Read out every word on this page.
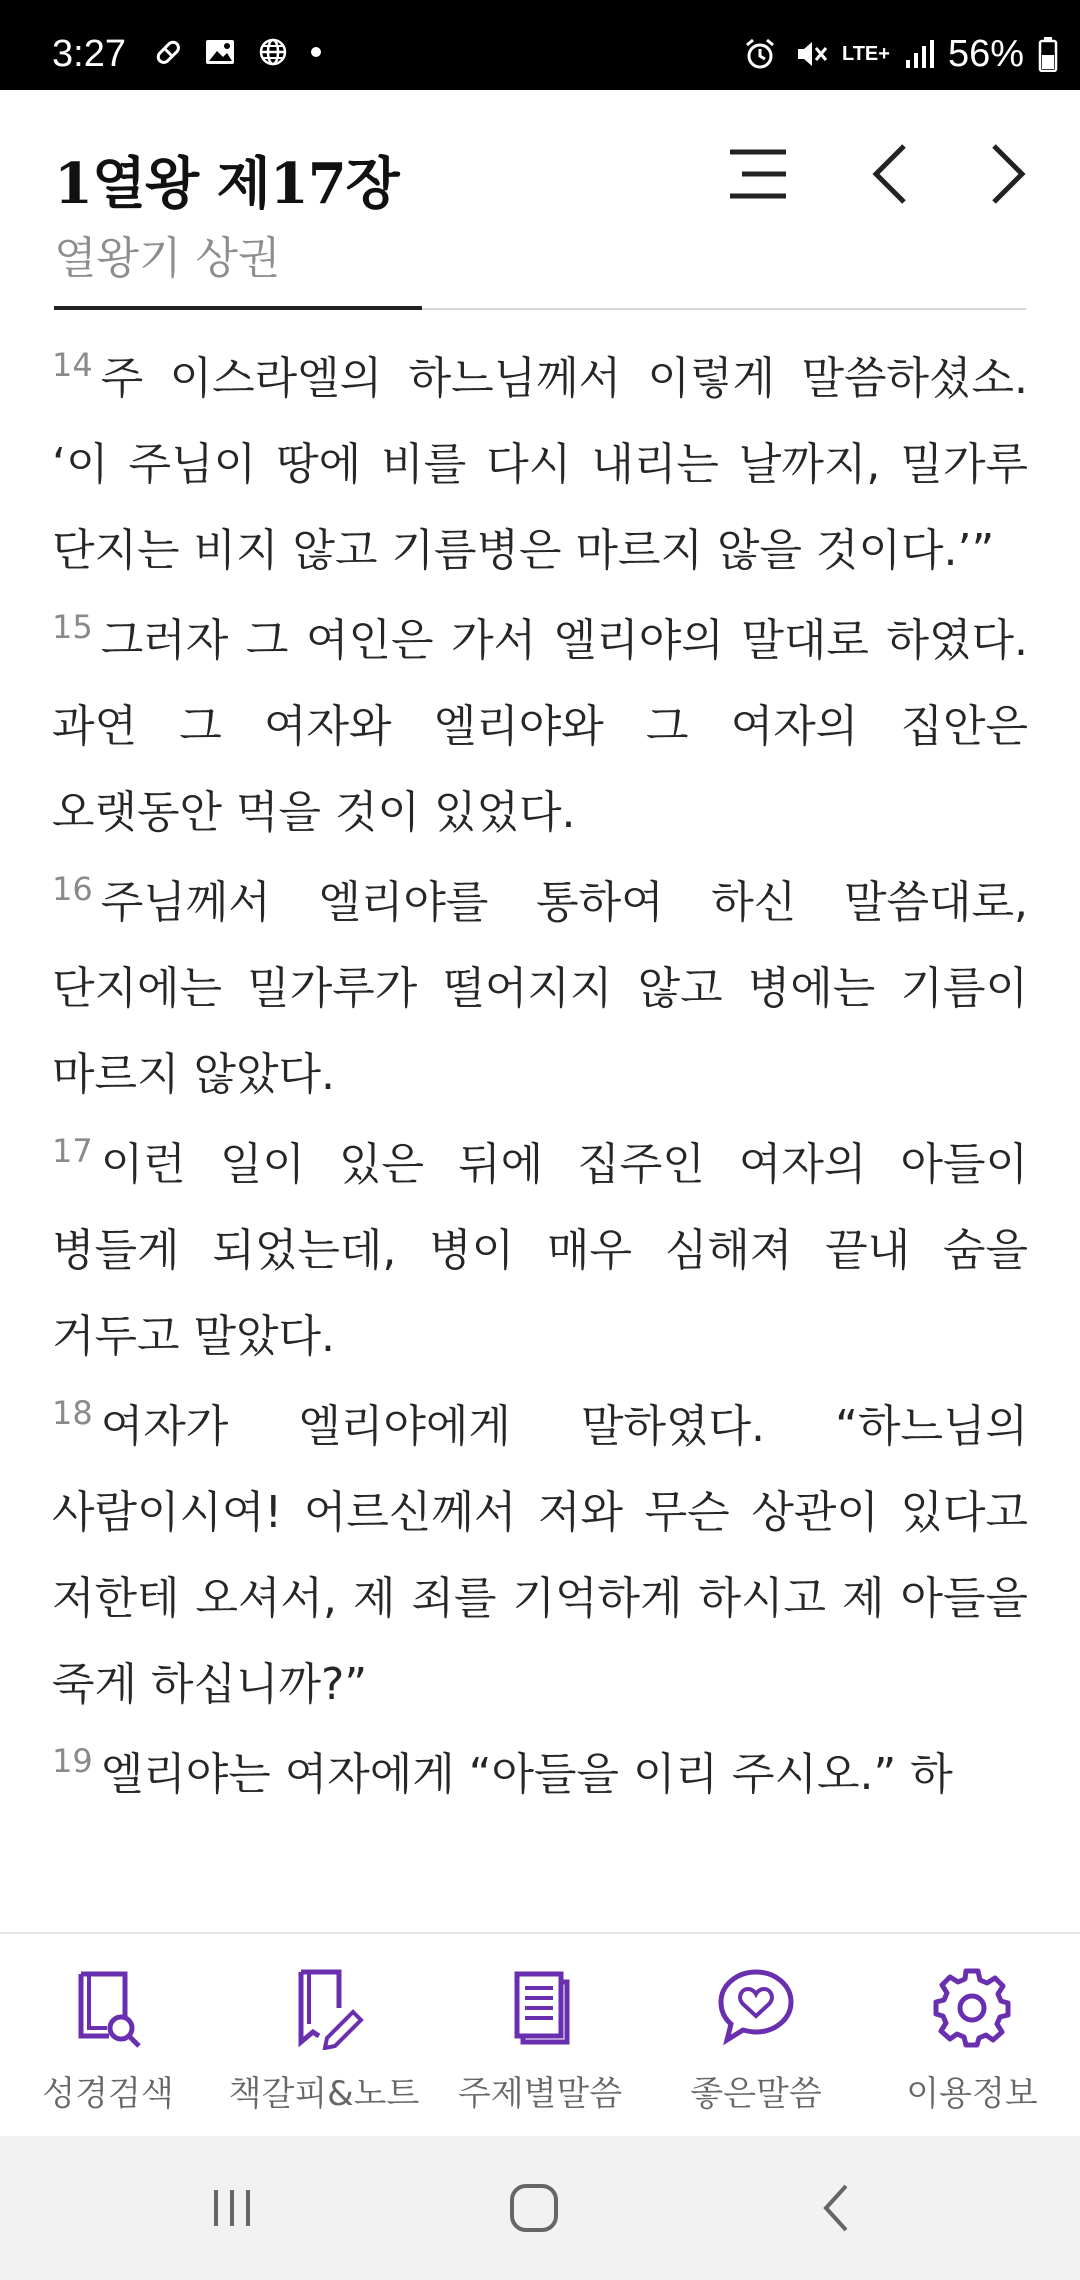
3:27	LTE+ 56%
1열왕 제17장
열왕기 상권

$^{14}$ 주 이스라엘의 하느님께서 이렇게 말씀하셨소. ‘이 주님이 땅에 비를 다시 내리는 날까지, 밀가루 단지는 비지 않고 기름병은 마르지 않을 것이다.’”

$^{15}$ 그러자 그 여인은 가서 엘리야의 말대로 하였다. 과연 그 여자와 엘리야와 그 여자의 집안은 오랫동안 먹을 것이 있었다.

$^{16}$ 주님께서 엘리야를 통하여 하신 말씀대로, 단지에는 밀가루가 떨어지지 않고 병에는 기름이 마르지 않았다.

$^{17}$ 이런 일이 있은 뒤에 집주인 여자의 아들이 병들게 되었는데, 병이 매우 심해져 끝내 숨을 거두고 말았다.

$^{18}$ 여자가 엘리야에게 말하였다. “하느님의 사람이시여! 어르신께서 저와 무슨 상관이 있다고 저한테 오셔서, 제 죄를 기억하게 하시고 제 아들을 죽게 하십니까?”

$^{19}$ 엘리야는 여자에게 “아들을 이리 주시오.” 하

성경검색 책갈피&노트 주제별말씀 좋은말씀 이용정보
